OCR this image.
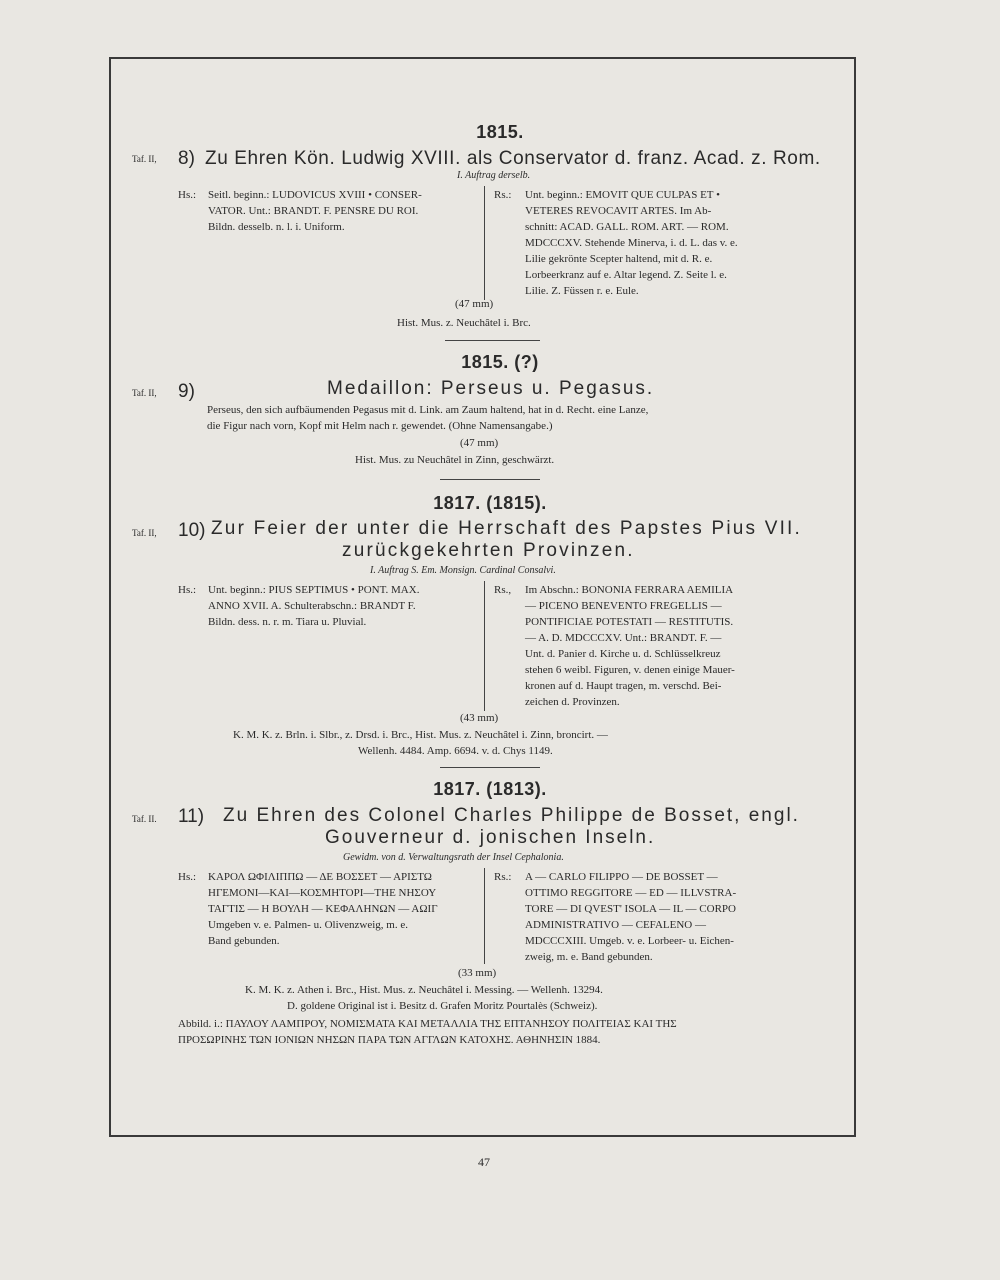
1815.
Taf. II, 8) Zu Ehren Kön. Ludwig XVIII. als Conservator d. franz. Acad. z. Rom.
I. Auftrag derselb.
Hs.: Seitl. beginn.: LUDOVICUS XVIII • CONSER-
VATOR. Unt.: BRANDT. F. PENSRE DU ROI.
Bildn. desselb. n. l. i. Uniform.
Rs.: Unt. beginn.: EMOVIT QUE CULPAS ET •
VETERES REVOCAVIT ARTES. Im Ab-
schnitt: ACAD. GALL. ROM. ART. — ROM.
MDCCCXV. Stehende Minerva, i. d. L. das v. e.
Lilie gekrönte Scepter haltend, mit d. R. e.
Lorbeerkranz auf e. Altar legend. Z. Seite l. e.
Lilie. Z. Füssen r. e. Eule.
(47 mm)
Hist. Mus. z. Neuchâtel i. Brc.
1815. (?)
Taf. II, 9)	Medaillon: Perseus u. Pegasus.
Perseus, den sich aufbäumenden Pegasus mit d. Link. am Zaum haltend, hat in d. Recht. eine Lanze,
die Figur nach vorn, Kopf mit Helm nach r. gewendet. (Ohne Namensangabe.)
(47 mm)
Hist. Mus. zu Neuchâtel in Zinn, geschwärzt.
1817. (1815).
Taf. II, 10) Zur Feier der unter die Herrschaft des Papstes Pius VII.
zurückgekehrten Provinzen.
I. Auftrag S. Em. Monsign. Cardinal Consalvi.
Hs.: Unt. beginn.: PIUS SEPTIMUS • PONT. MAX.
ANNO XVII. A. Schulterabschn.: BRANDT F.
Bildn. dess. n. r. m. Tiara u. Pluvial.
Rs., Im Abschn.: BONONIA FERRARA AEMILIA
— PICENO BENEVENTO FREGELLIS —
PONTIFICIAE POTESTATI — RESTITUTIS.
— A. D. MDCCCXV. Unt.: BRANDT. F. —
Unt. d. Panier d. Kirche u. d. Schlüsselkreuz
stehen 6 weibl. Figuren, v. denen einige Mauer-
kronen auf d. Haupt tragen, m. verschd. Bei-
zeichen d. Provinzen.
(43 mm)
K. M. K. z. Brln. i. Slbr., z. Drsd. i. Brc., Hist. Mus. z. Neuchâtel i. Zinn, broncirt. —
Wellenh. 4484. Amp. 6694. v. d. Chys 1149.
1817. (1813).
Taf. II. 11) Zu Ehren des Colonel Charles Philippe de Bosset, engl.
Gouverneur d. jonischen Inseln.
Gewidm. von d. Verwaltungsrath der Insel Cephalonia.
Hs.: ΚΑΡΟΛ ΩΦΙΛΙΠΠΩ — ΔΕ ΒΟΣΣΕΤ — ΑΡΙΣΤΩ
ΗΓΕΜΟΝΙ—ΚΑΙ—ΚΟΣΜΗΤΟΡΙ—ΤΗΕ ΝΗΣΟΥ
ΤΑΓΤΙΣ — Η ΒΟΥΛΗ — ΚΕΦΑΛΗΝΩΝ — ΑΩΙΓ
Umgeben v. e. Palmen- u. Olivenzweig, m. e.
Band gebunden.
Rs.: A — CARLO FILIPPO — DE BOSSET —
OTTIMO REGGITORE — ED — ILLVSTRA-
TORE — DI QVEST' ISOLA — IL — CORPO
ADMINISTRATIVO — CEFALENO —
MDCCCXIII. Umgeb. v. e. Lorbeer- u. Eichen-
zweig, m. e. Band gebunden.
(33 mm)
K. M. K. z. Athen i. Brc., Hist. Mus. z. Neuchâtel i. Messing. — Wellenh. 13294.
D. goldene Original ist i. Besitz d. Grafen Moritz Pourtalès (Schweiz).
Abbild. i.: ΠΑΥΛΟΥ ΛΑΜΠΡΟΥ, ΝΟΜΙΣΜΑΤΑ ΚΑΙ ΜΕΤΑΛΛΙΑ ΤΗΣ ΕΠΤΑΝΗΣΟΥ ΠΟΛΙΤΕΙΑΣ ΚΑΙ ΤΗΣ
ΠΡΟΣΩΡΙΝΗΣ ΤΩΝ ΙΟΝΙΩΝ ΝΗΣΩΝ ΠΑΡΑ ΤΩΝ ΑΓΓΛΩΝ ΚΑΤΟΧΗΣ. ΑΘΗΝΗΣΙΝ 1884.
47
